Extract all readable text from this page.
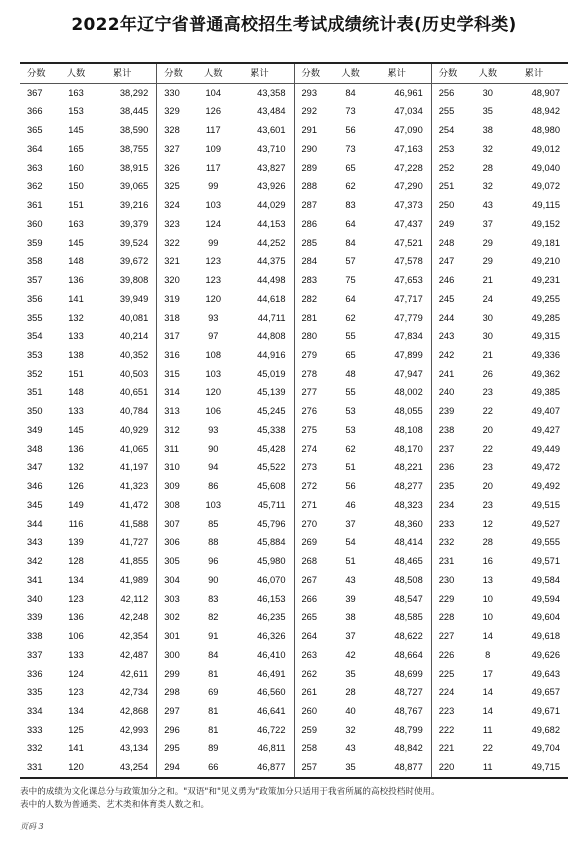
2022年辽宁省普通高校招生考试成绩统计表(历史学科类)
分数	人数	累计
367	163	38,292
366	153	38,445
365	145	38,590
364	165	38,755
363	160	38,915
362	150	39,065
361	151	39,216
360	163	39,379
359	145	39,524
358	148	39,672
357	136	39,808
356	141	39,949
355	132	40,081
354	133	40,214
353	138	40,352
352	151	40,503
351	148	40,651
350	133	40,784
349	145	40,929
348	136	41,065
347	132	41,197
346	126	41,323
345	149	41,472
344	116	41,588
343	139	41,727
342	128	41,855
341	134	41,989
340	123	42,112
339	136	42,248
338	106	42,354
337	133	42,487
336	124	42,611
335	123	42,734
334	134	42,868
333	125	42,993
332	141	43,134
331	120	43,254
分数	人数	累计
330	104	43,358
329	126	43,484
328	117	43,601
327	109	43,710
326	117	43,827
325	99	43,926
324	103	44,029
323	124	44,153
322	99	44,252
321	123	44,375
320	123	44,498
319	120	44,618
318	93	44,711
317	97	44,808
316	108	44,916
315	103	45,019
314	120	45,139
313	106	45,245
312	93	45,338
311	90	45,428
310	94	45,522
309	86	45,608
308	103	45,711
307	85	45,796
306	88	45,884
305	96	45,980
304	90	46,070
303	83	46,153
302	82	46,235
301	91	46,326
300	84	46,410
299	81	46,491
298	69	46,560
297	81	46,641
296	81	46,722
295	89	46,811
294	66	46,877
分数	人数	累计
293	84	46,961
292	73	47,034
291	56	47,090
290	73	47,163
289	65	47,228
288	62	47,290
287	83	47,373
286	64	47,437
285	84	47,521
284	57	47,578
283	75	47,653
282	64	47,717
281	62	47,779
280	55	47,834
279	65	47,899
278	48	47,947
277	55	48,002
276	53	48,055
275	53	48,108
274	62	48,170
273	51	48,221
272	56	48,277
271	46	48,323
270	37	48,360
269	54	48,414
268	51	48,465
267	43	48,508
266	39	48,547
265	38	48,585
264	37	48,622
263	42	48,664
262	35	48,699
261	28	48,727
260	40	48,767
259	32	48,799
258	43	48,842
257	35	48,877
分数	人数	累计
256	30	48,907
255	35	48,942
254	38	48,980
253	32	49,012
252	28	49,040
251	32	49,072
250	43	49,115
249	37	49,152
248	29	49,181
247	29	49,210
246	21	49,231
245	24	49,255
244	30	49,285
243	30	49,315
242	21	49,336
241	26	49,362
240	23	49,385
239	22	49,407
238	20	49,427
237	22	49,449
236	23	49,472
235	20	49,492
234	23	49,515
233	12	49,527
232	28	49,555
231	16	49,571
230	13	49,584
229	10	49,594
228	10	49,604
227	14	49,618
226	8	49,626
225	17	49,643
224	14	49,657
223	14	49,671
222	11	49,682
221	22	49,704
220	11	49,715
表中的成绩为文化课总分与政策加分之和。"双语"和"见义勇为"政策加分只适用于我省所属的高校投档时使用。
表中的人数为普通类、艺术类和体育类人数之和。
页码 3
